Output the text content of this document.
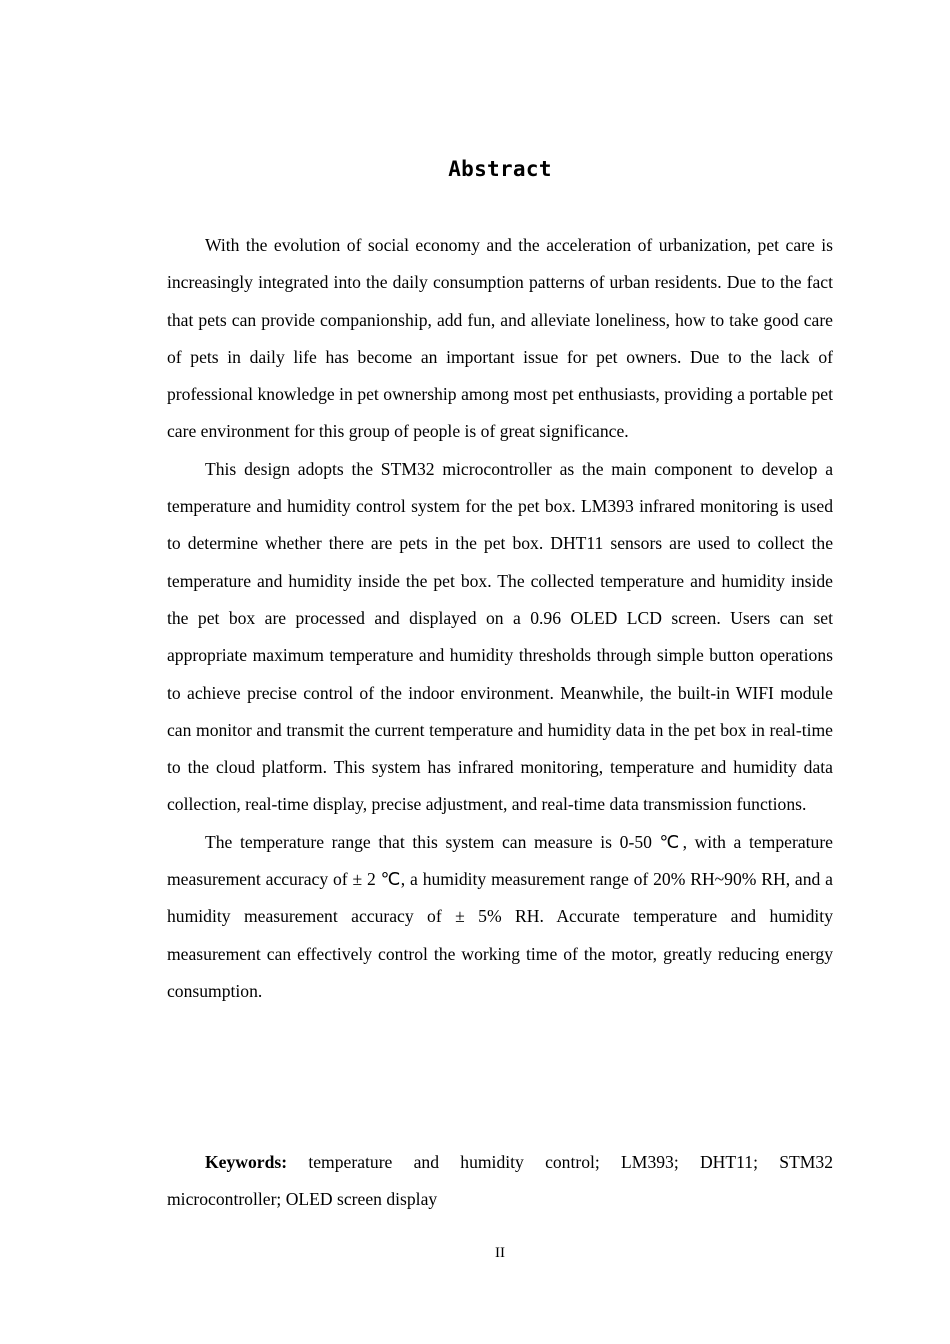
Abstract

With the evolution of social economy and the acceleration of urbanization, pet care is increasingly integrated into the daily consumption patterns of urban residents. Due to the fact that pets can provide companionship, add fun, and alleviate loneliness, how to take good care of pets in daily life has become an important issue for pet owners. Due to the lack of professional knowledge in pet ownership among most pet enthusiasts, providing a portable pet care environment for this group of people is of great significance.

This design adopts the STM32 microcontroller as the main component to develop a temperature and humidity control system for the pet box. LM393 infrared monitoring is used to determine whether there are pets in the pet box. DHT11 sensors are used to collect the temperature and humidity inside the pet box. The collected temperature and humidity inside the pet box are processed and displayed on a 0.96 OLED LCD screen. Users can set appropriate maximum temperature and humidity thresholds through simple button operations to achieve precise control of the indoor environment. Meanwhile, the built-in WIFI module can monitor and transmit the current temperature and humidity data in the pet box in real-time to the cloud platform. This system has infrared monitoring, temperature and humidity data collection, real-time display, precise adjustment, and real-time data transmission functions.

The temperature range that this system can measure is 0-50 ℃, with a temperature measurement accuracy of ± 2 ℃, a humidity measurement range of 20% RH~90% RH, and a humidity measurement accuracy of ± 5% RH. Accurate temperature and humidity measurement can effectively control the working time of the motor, greatly reducing energy consumption.

Keywords: temperature and humidity control; LM393; DHT11; STM32 microcontroller; OLED screen display

II
